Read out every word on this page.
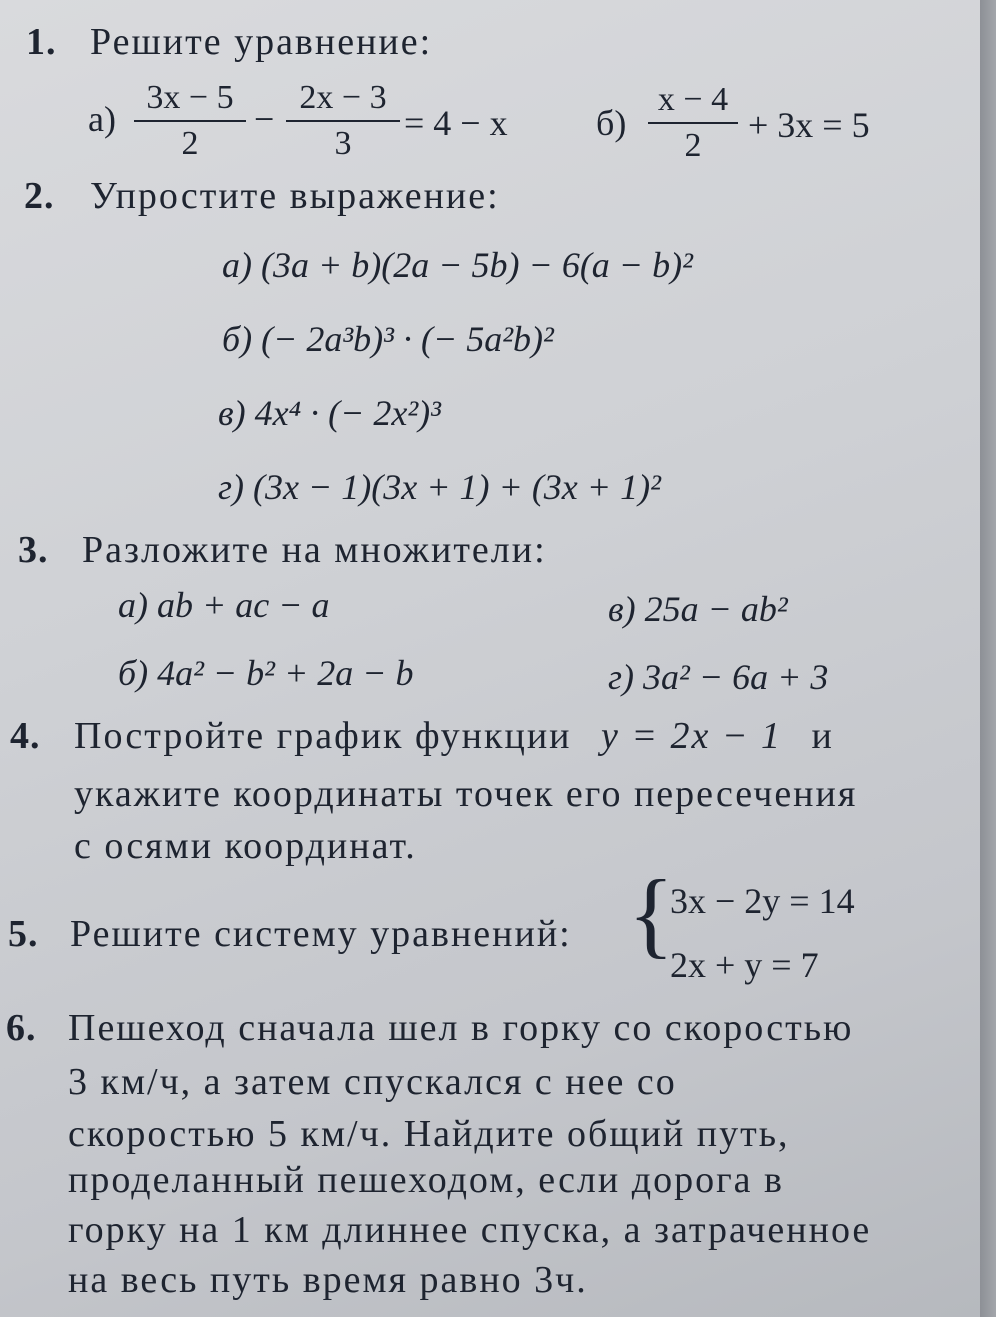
1. Решите уравнение:
а)
3x − 5
2
−
2x − 3
3
= 4 − x б)
x − 4
2
+ 3x = 5
2. Упростите выражение:
а) (3a + b)(2a − 5b) − 6(a − b)²
б) (− 2a³b)³ · (− 5a²b)²
в) 4x⁴ · (− 2x²)³
г) (3x − 1)(3x + 1) + (3x + 1)²
3. Разложите на множители:
а) ab + ac − a
б) 4a² − b² + 2a − b
в) 25a − ab²
г) 3a² − 6a + 3
4. Постройте график функции y = 2x − 1 и
укажите координаты точек его пересечения
с осями координат.
5. Решите систему уравнений: {
3x − 2y = 14
2x + y = 7
6. Пешеход сначала шел в горку со скоростью
3 км/ч, а затем спускался с нее со
скоростью 5 км/ч. Найдите общий путь,
проделанный пешеходом, если дорога в
горку на 1 км длиннее спуска, а затраченное
на весь путь время равно 3ч.
